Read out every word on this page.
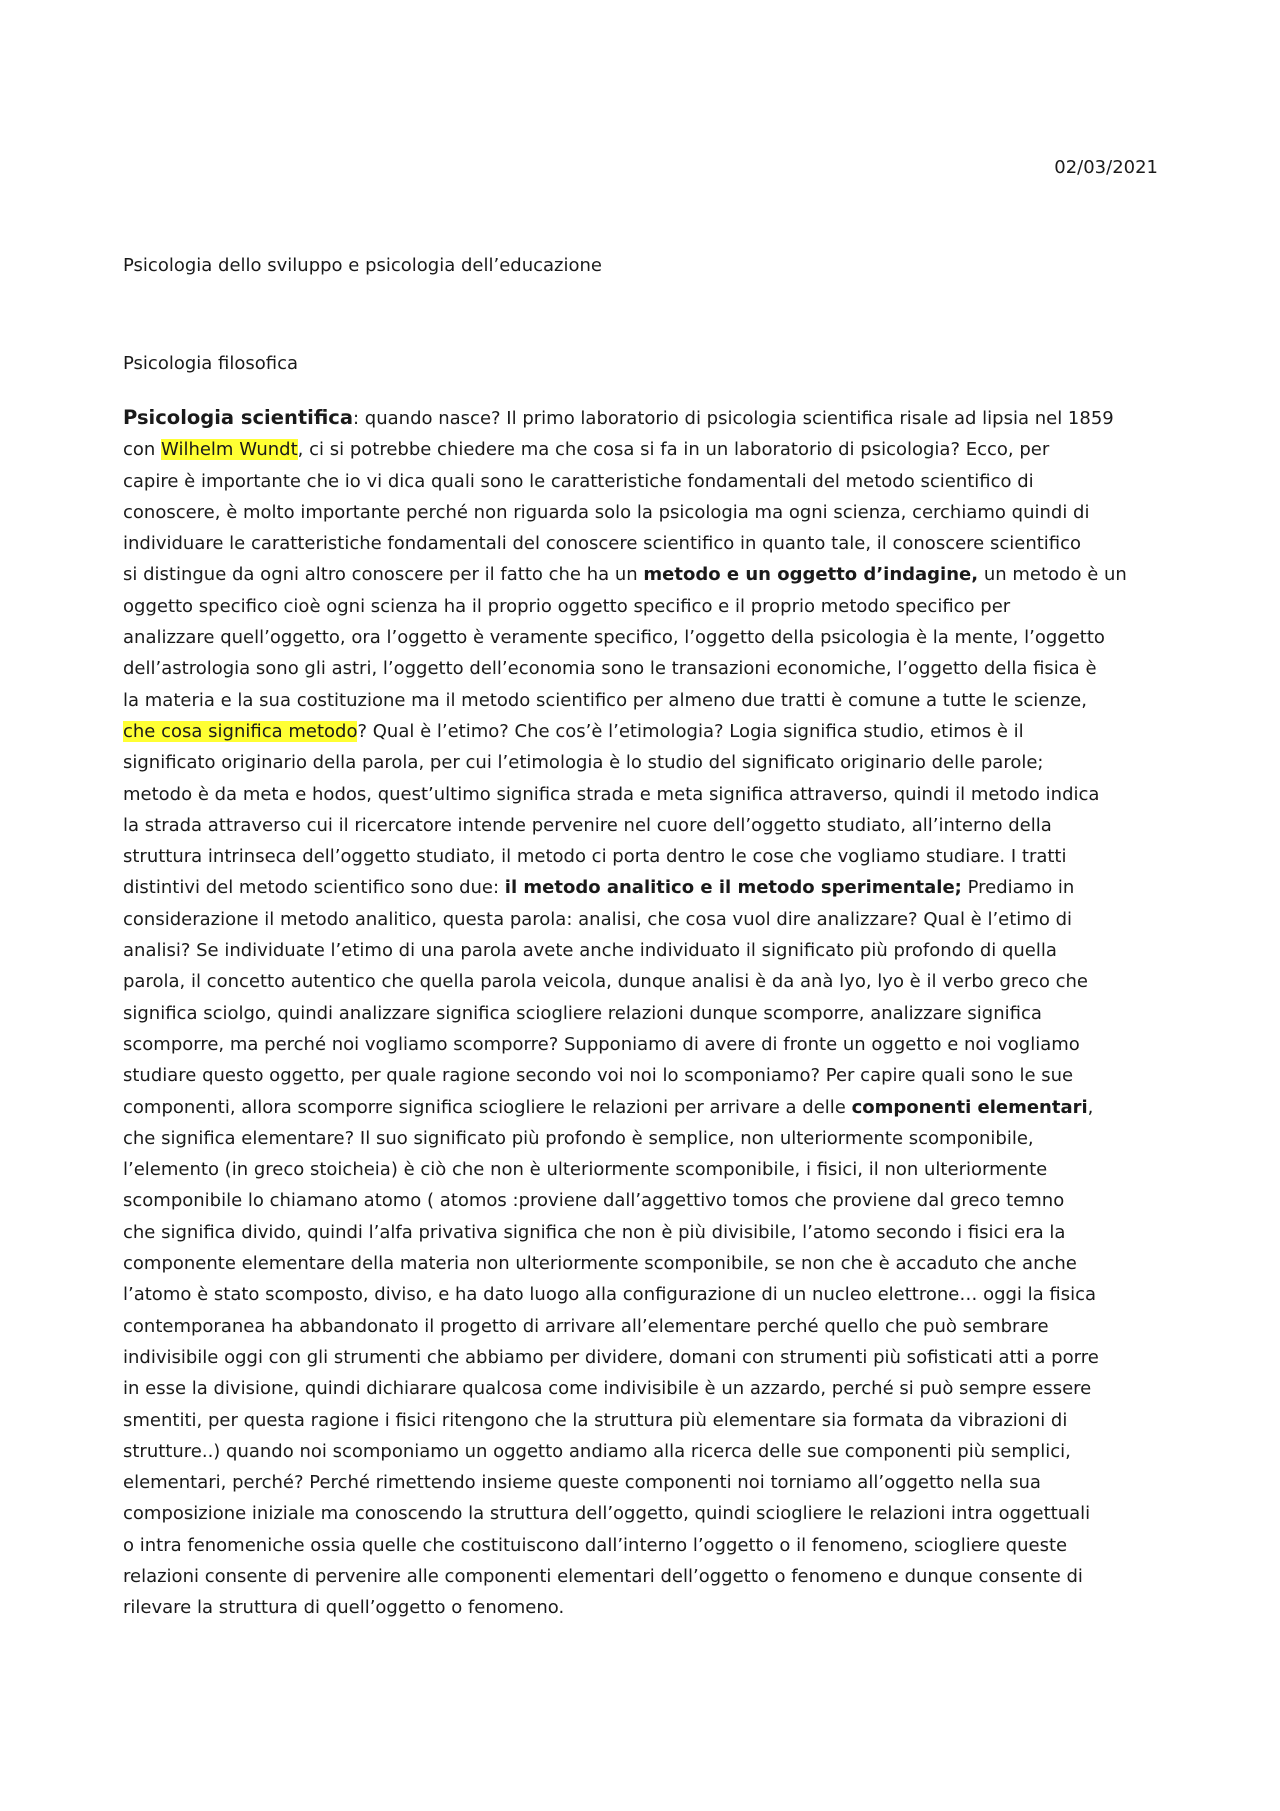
02/03/2021
Psicologia dello sviluppo e psicologia dell’educazione
Psicologia filosofica
Psicologia scientifica: quando nasce? Il primo laboratorio di psicologia scientifica risale ad lipsia nel 1859
con Wilhelm Wundt, ci si potrebbe chiedere ma che cosa si fa in un laboratorio di psicologia? Ecco, per
capire è importante che io vi dica quali sono le caratteristiche fondamentali del metodo scientifico di
conoscere, è molto importante perché non riguarda solo la psicologia ma ogni scienza, cerchiamo quindi di
individuare le caratteristiche fondamentali del conoscere scientifico in quanto tale, il conoscere scientifico
si distingue da ogni altro conoscere per il fatto che ha un metodo e un oggetto d’indagine, un metodo è un
oggetto specifico cioè ogni scienza ha il proprio oggetto specifico e il proprio metodo specifico per
analizzare quell’oggetto, ora l’oggetto è veramente specifico, l’oggetto della psicologia è la mente, l’oggetto
dell’astrologia sono gli astri, l’oggetto dell’economia sono le transazioni economiche, l’oggetto della fisica è
la materia e la sua costituzione ma il metodo scientifico per almeno due tratti è comune a tutte le scienze,
che cosa significa metodo? Qual è l’etimo? Che cos’è l’etimologia? Logia significa studio, etimos è il
significato originario della parola, per cui l’etimologia è lo studio del significato originario delle parole;
metodo è da meta e hodos, quest’ultimo significa strada e meta significa attraverso, quindi il metodo indica
la strada attraverso cui il ricercatore intende pervenire nel cuore dell’oggetto studiato, all’interno della
struttura intrinseca dell’oggetto studiato, il metodo ci porta dentro le cose che vogliamo studiare. I tratti
distintivi del metodo scientifico sono due: il metodo analitico e il metodo sperimentale; Prediamo in
considerazione il metodo analitico, questa parola: analisi, che cosa vuol dire analizzare? Qual è l’etimo di
analisi? Se individuate l’etimo di una parola avete anche individuato il significato più profondo di quella
parola, il concetto autentico che quella parola veicola, dunque analisi è da anà lyo, lyo è il verbo greco che
significa sciolgo, quindi analizzare significa sciogliere relazioni dunque scomporre, analizzare significa
scomporre, ma perché noi vogliamo scomporre? Supponiamo di avere di fronte un oggetto e noi vogliamo
studiare questo oggetto, per quale ragione secondo voi noi lo scomponiamo? Per capire quali sono le sue
componenti, allora scomporre significa sciogliere le relazioni per arrivare a delle componenti elementari,
che significa elementare? Il suo significato più profondo è semplice, non ulteriormente scomponibile,
l’elemento (in greco stoicheia) è ciò che non è ulteriormente scomponibile, i fisici, il non ulteriormente
scomponibile lo chiamano atomo ( atomos :proviene dall’aggettivo tomos che proviene dal greco temno
che significa divido, quindi l’alfa privativa significa che non è più divisibile, l’atomo secondo i fisici era la
componente elementare della materia non ulteriormente scomponibile, se non che è accaduto che anche
l’atomo è stato scomposto, diviso, e ha dato luogo alla configurazione di un nucleo elettrone… oggi la fisica
contemporanea ha abbandonato il progetto di arrivare all’elementare perché quello che può sembrare
indivisibile oggi con gli strumenti che abbiamo per dividere, domani con strumenti più sofisticati atti a porre
in esse la divisione, quindi dichiarare qualcosa come indivisibile è un azzardo, perché si può sempre essere
smentiti, per questa ragione i fisici ritengono che la struttura più elementare sia formata da vibrazioni di
strutture..) quando noi scomponiamo un oggetto andiamo alla ricerca delle sue componenti più semplici,
elementari, perché? Perché rimettendo insieme queste componenti noi torniamo all’oggetto nella sua
composizione iniziale ma conoscendo la struttura dell’oggetto, quindi sciogliere le relazioni intra oggettuali
o intra fenomeniche ossia quelle che costituiscono dall’interno l’oggetto o il fenomeno, sciogliere queste
relazioni consente di pervenire alle componenti elementari dell’oggetto o fenomeno e dunque consente di
rilevare la struttura di quell’oggetto o fenomeno.
